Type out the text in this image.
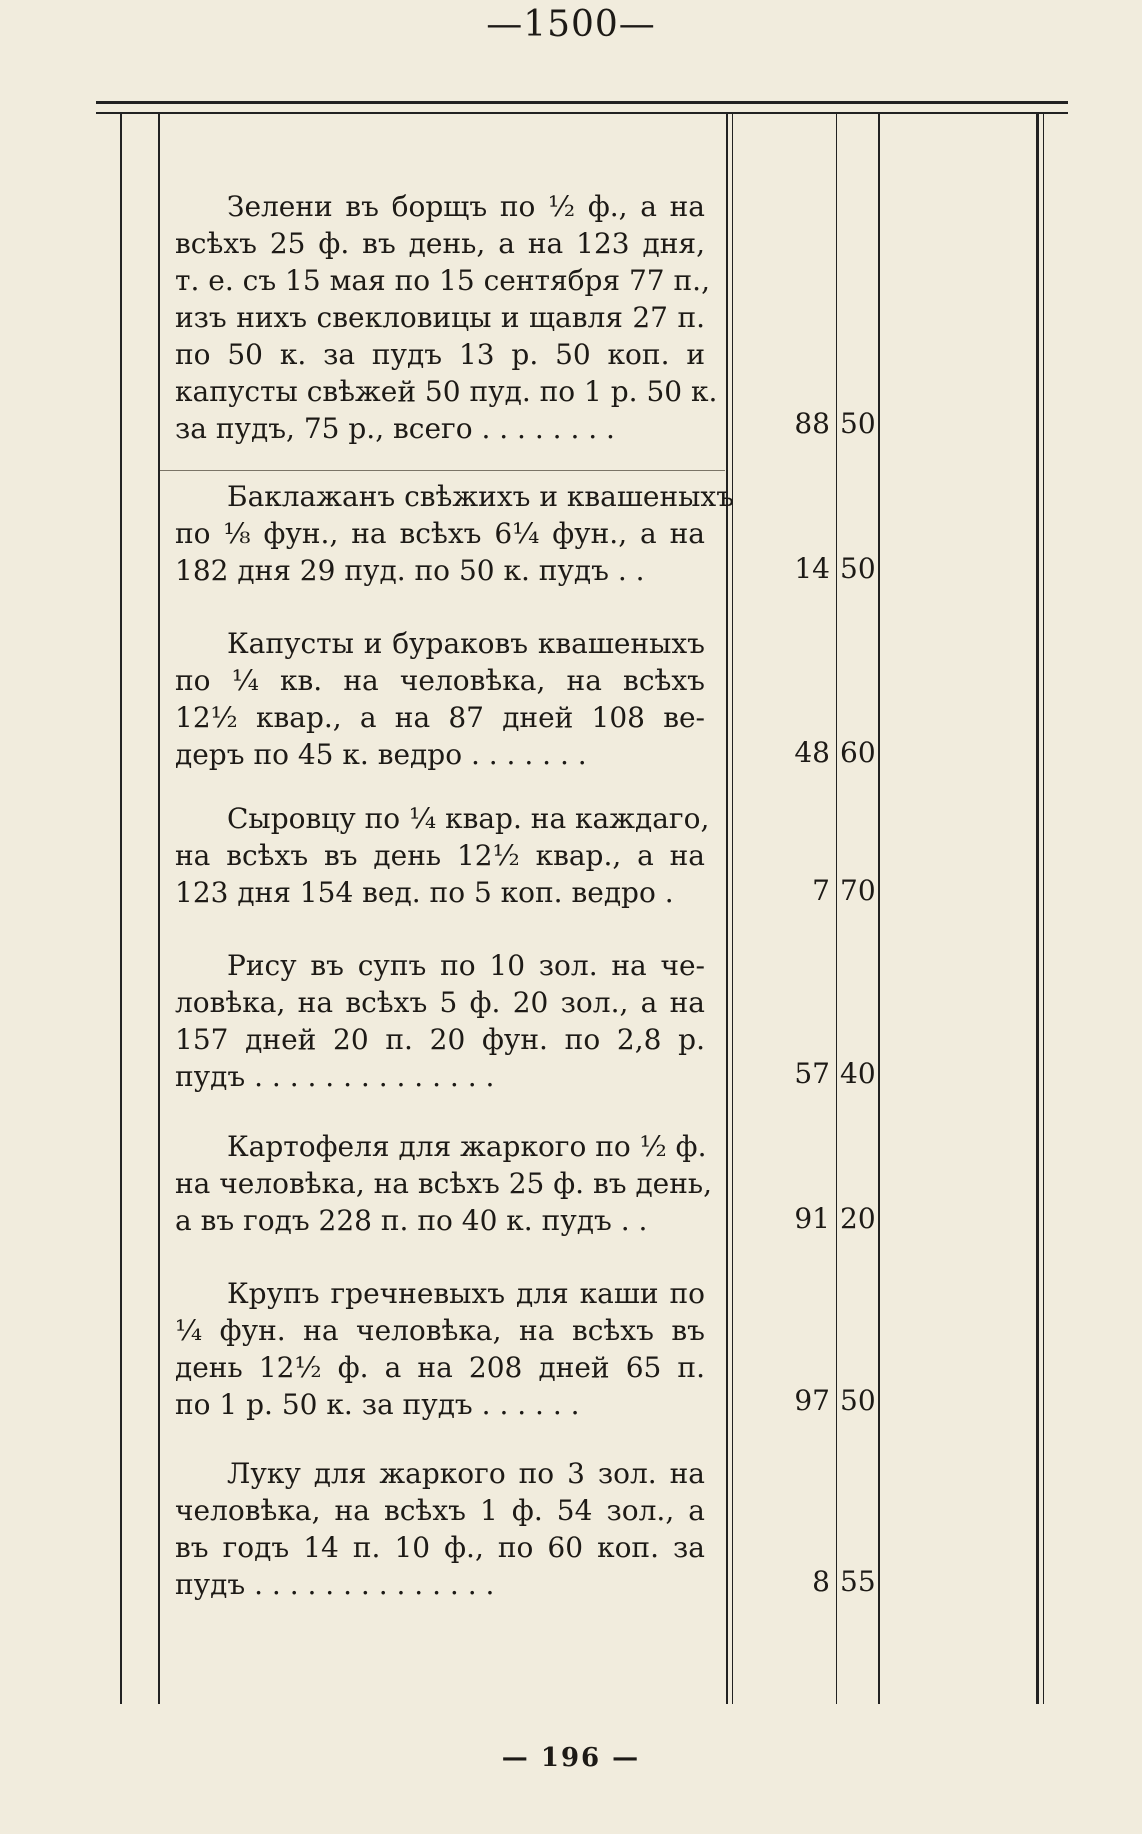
—1500—
Зелени въ борщъ по ½ ф., а на
всѣхъ 25 ф. въ день, а на 123 дня,
т. е. съ 15 мая по 15 сентября 77 п.,
изъ нихъ свекловицы и щавля 27 п.
по 50 к. за пудъ 13 р. 50 коп. и
капусты свѣжей 50 пуд. по 1 р. 50 к.
за пудъ, 75 р., всего . . . . . . . .	88 50
Баклажанъ свѣжихъ и квашеныхъ
по ⅛ фун., на всѣхъ 6¼ фун., а на
182 дня 29 пуд. по 50 к. пудъ . .	14 50
Капусты и бураковъ квашеныхъ
по ¼ кв. на человѣка, на всѣхъ
12½ квар., а на 87 дней 108 ве-
деръ по 45 к. ведро . . . . . . .	48 60
Сыровцу по ¼ квар. на каждаго,
на всѣхъ въ день 12½ квар., а на
123 дня 154 вед. по 5 коп. ведро .	7 70
Рису въ супъ по 10 зол. на че-
ловѣка, на всѣхъ 5 ф. 20 зол., а на
157 дней 20 п. 20 фун. по 2,8 р.
пудъ . . . . . . . . . . . . . .	57 40
Картофеля для жаркого по ½ ф.
на человѣка, на всѣхъ 25 ф. въ день,
а въ годъ 228 п. по 40 к. пудъ . .	91 20
Крупъ гречневыхъ для каши по
¼ фун. на человѣка, на всѣхъ въ
день 12½ ф. а на 208 дней 65 п.
по 1 р. 50 к. за пудъ . . . . . .	97 50
Луку для жаркого по 3 зол. на
человѣка, на всѣхъ 1 ф. 54 зол., а
въ годъ 14 п. 10 ф., по 60 коп. за
пудъ . . . . . . . . . . . . . .	8 55
— 196 —
